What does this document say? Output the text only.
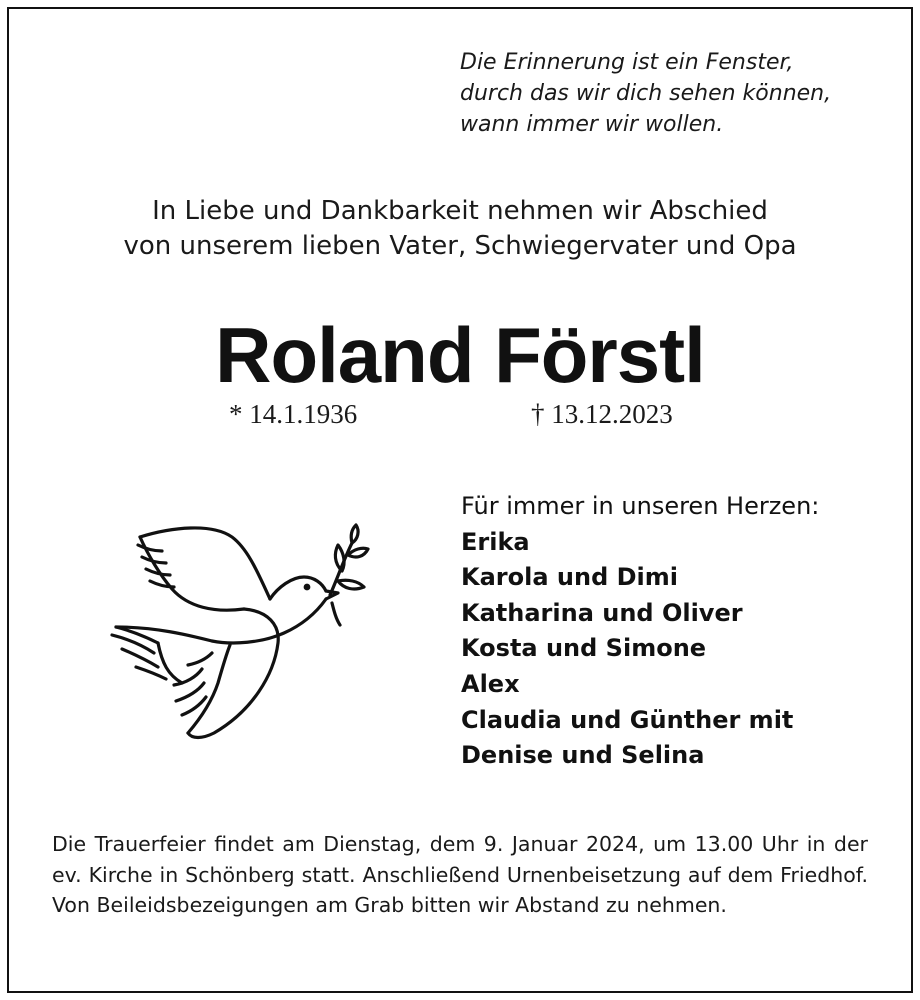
Die Erinnerung ist ein Fenster,
durch das wir dich sehen können,
wann immer wir wollen.
In Liebe und Dankbarkeit nehmen wir Abschied
von unserem lieben Vater, Schwiegervater und Opa
Roland Förstl
* 14.1.1936	† 13.12.2023
Für immer in unseren Herzen:
Erika
Karola und Dimi
Katharina und Oliver
Kosta und Simone
Alex
Claudia und Günther mit
Denise und Selina
Die Trauerfeier findet am Dienstag, dem 9. Januar 2024, um 13.00 Uhr in der ev. Kirche in Schönberg statt. Anschließend Urnenbeisetzung auf dem Friedhof. Von Beileidsbezeigungen am Grab bitten wir Abstand zu nehmen.
